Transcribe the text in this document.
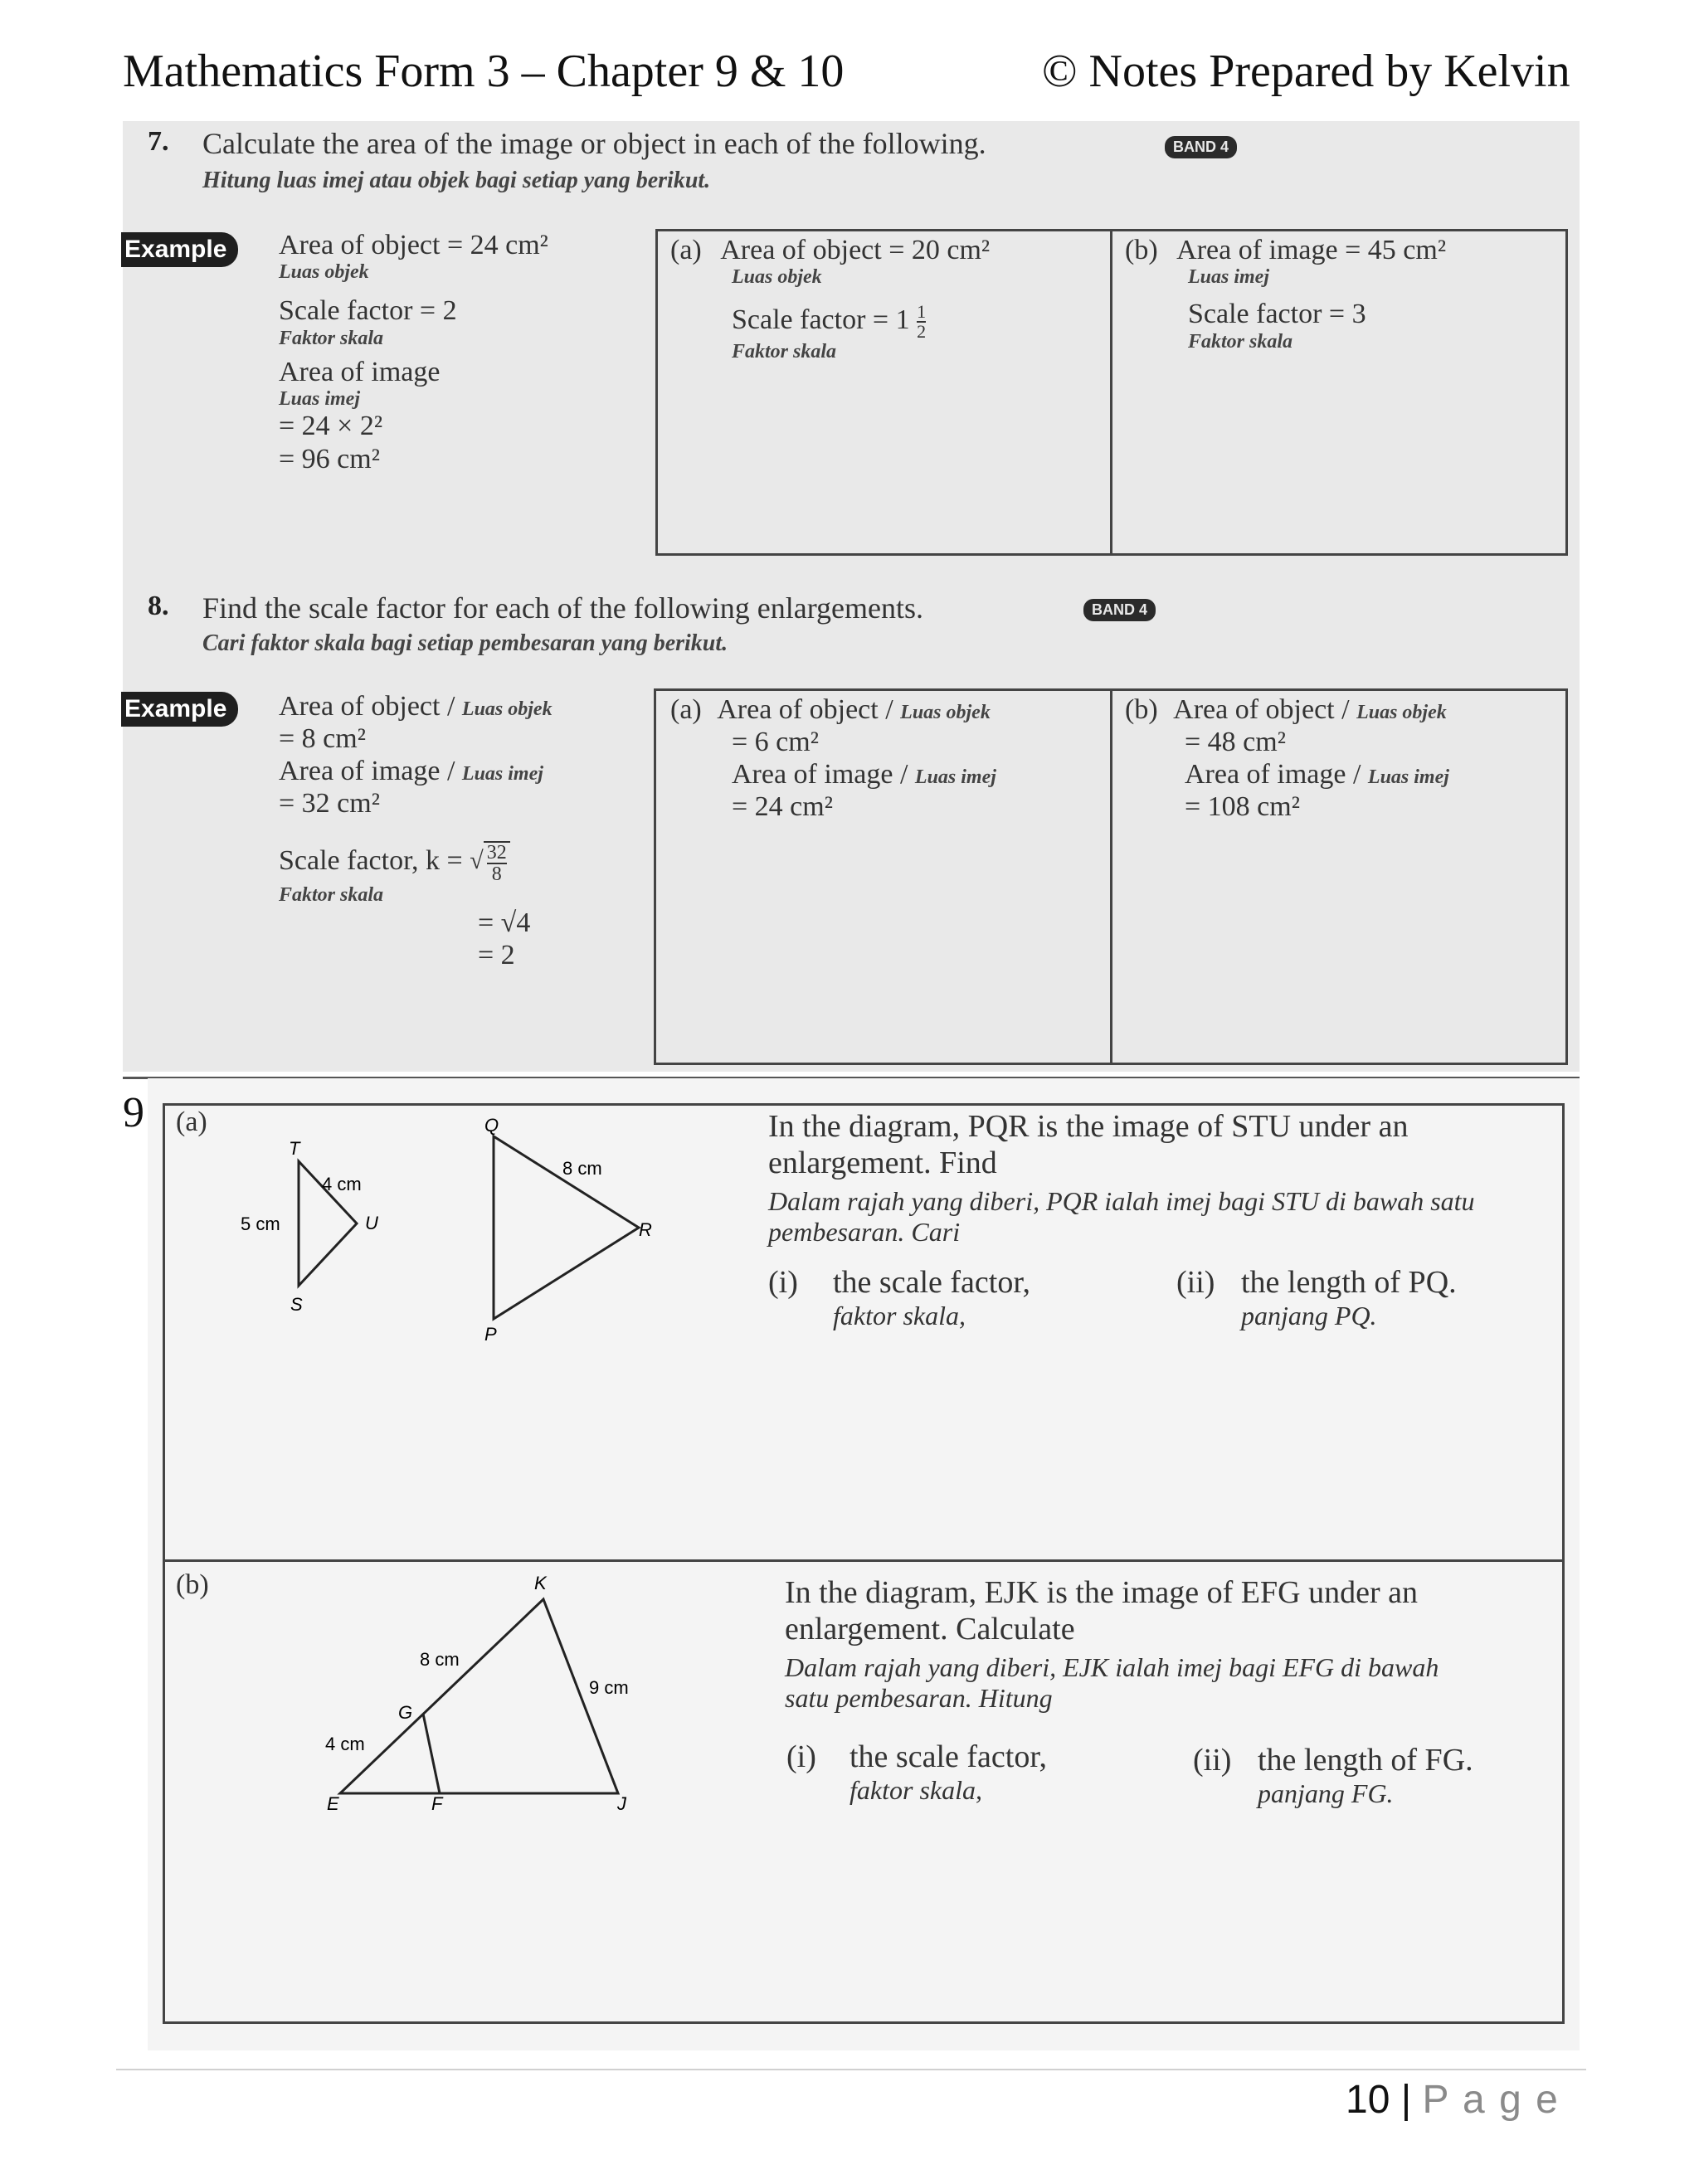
Mathematics Form 3 – Chapter 9 & 10	© Notes Prepared by Kelvin
7. Calculate the area of the image or object in each of the following.	BAND 4
Hitung luas imej atau objek bagi setiap yang berikut.
Example	Area of object = 24 cm²
Luas objek
Scale factor = 2
Faktor skala
Area of image
Luas imej
= 24 × 2²
= 96 cm²
(a) Area of object = 20 cm²
Luas objek
Scale factor = $1 \frac{1}{2}$
Faktor skala
(b) Area of image = 45 cm²
Luas imej
Scale factor = 3
Faktor skala
8. Find the scale factor for each of the following enlargements.	BAND 4
Cari faktor skala bagi setiap pembesaran yang berikut.
Example	Area of object / Luas objek
= 8 cm²
Area of image / Luas imej
= 32 cm²
Scale factor, k = √ $\frac{32}{8}$
Faktor skala
= √4
= 2
(a) Area of object / Luas objek
= 6 cm²
Area of image / Luas imej
= 24 cm²
(b) Area of object / Luas objek
= 48 cm²
Area of image / Luas imej
= 108 cm²
9 (a)
T
U
S
4 cm
5 cm
Q
R
P
8 cm
In the diagram, PQR is the image of STU under an
enlargement. Find
Dalam rajah yang diberi, PQR ialah imej bagi STU di bawah satu
pembesaran. Cari
(i) the scale factor,
faktor skala,
(ii) the length of PQ.
panjang PQ.
(b)	K
G
E	F	J
8 cm
9 cm
4 cm
In the diagram, EJK is the image of EFG under an
enlargement. Calculate
Dalam rajah yang diberi, EJK ialah imej bagi EFG di bawah
satu pembesaran. Hitung
(i) the scale factor,
faktor skala,
(ii) the length of FG.
panjang FG.
10 | P a g e
